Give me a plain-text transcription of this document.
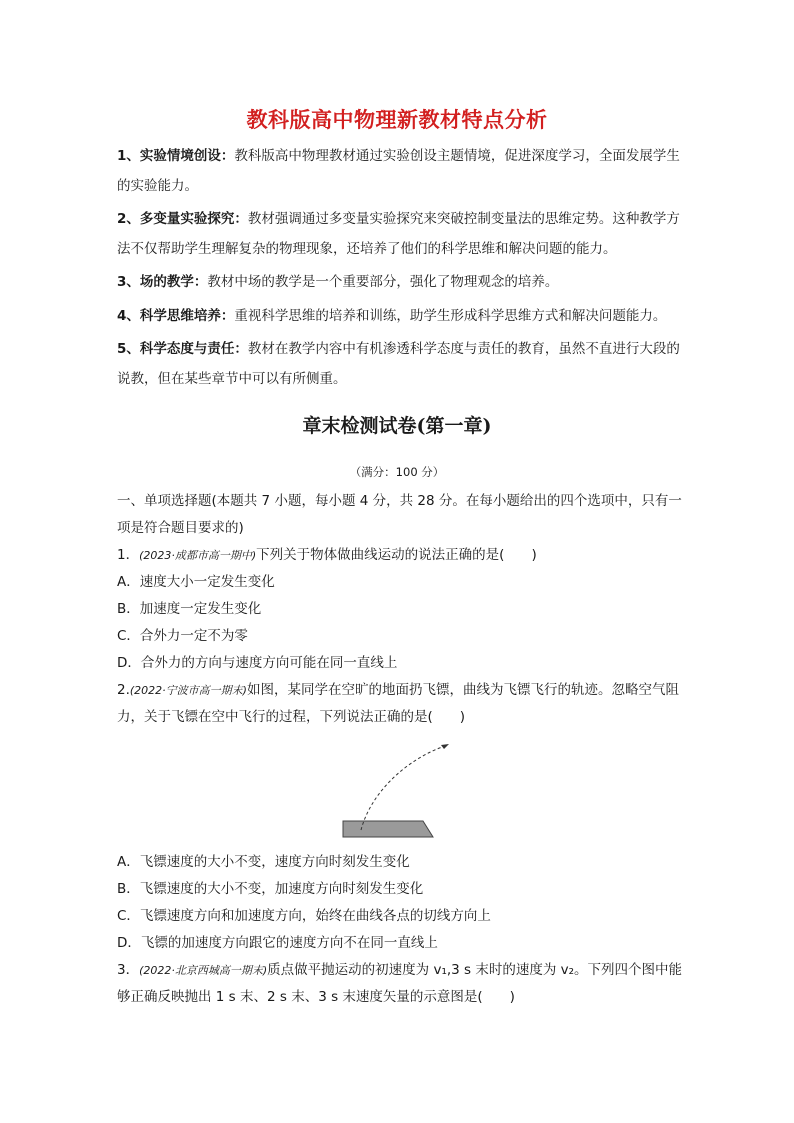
教科版高中物理新教材特点分析

1、实验情境创设：教科版高中物理教材通过实验创设主题情境，促进深度学习，全面发展学生的实验能力。

2、多变量实验探究：教材强调通过多变量实验探究来突破控制变量法的思维定势。这种教学方法不仅帮助学生理解复杂的物理现象，还培养了他们的科学思维和解决问题的能力。

3、场的教学：教材中场的教学是一个重要部分，强化了物理观念的培养。

4、科学思维培养：重视科学思维的培养和训练，助学生形成科学思维方式和解决问题能力。

5、科学态度与责任：教材在教学内容中有机渗透科学态度与责任的教育，虽然不直进行大段的说教，但在某些章节中可以有所侧重。

章末检测试卷(第一章)
（满分：100 分）

一、单项选择题(本题共 7 小题，每小题 4 分，共 28 分。在每小题给出的四个选项中，只有一项是符合题目要求的)

1．(2023·成都市高一期中)下列关于物体做曲线运动的说法正确的是(　　)

A．速度大小一定发生变化

B．加速度一定发生变化

C．合外力一定不为零

D．合外力的方向与速度方向可能在同一直线上

2.(2022·宁波市高一期末)如图，某同学在空旷的地面扔飞镖，曲线为飞镖飞行的轨迹。忽略空气阻力，关于飞镖在空中飞行的过程，下列说法正确的是(　　)

A．飞镖速度的大小不变，速度方向时刻发生变化

B．飞镖速度的大小不变，加速度方向时刻发生变化

C．飞镖速度方向和加速度方向，始终在曲线各点的切线方向上

D．飞镖的加速度方向跟它的速度方向不在同一直线上

3．(2022·北京西城高一期末)质点做平抛运动的初速度为 v₁,3 s 末时的速度为 v₂。下列四个图中能够正确反映抛出 1 s 末、2 s 末、3 s 末速度矢量的示意图是(　　)
